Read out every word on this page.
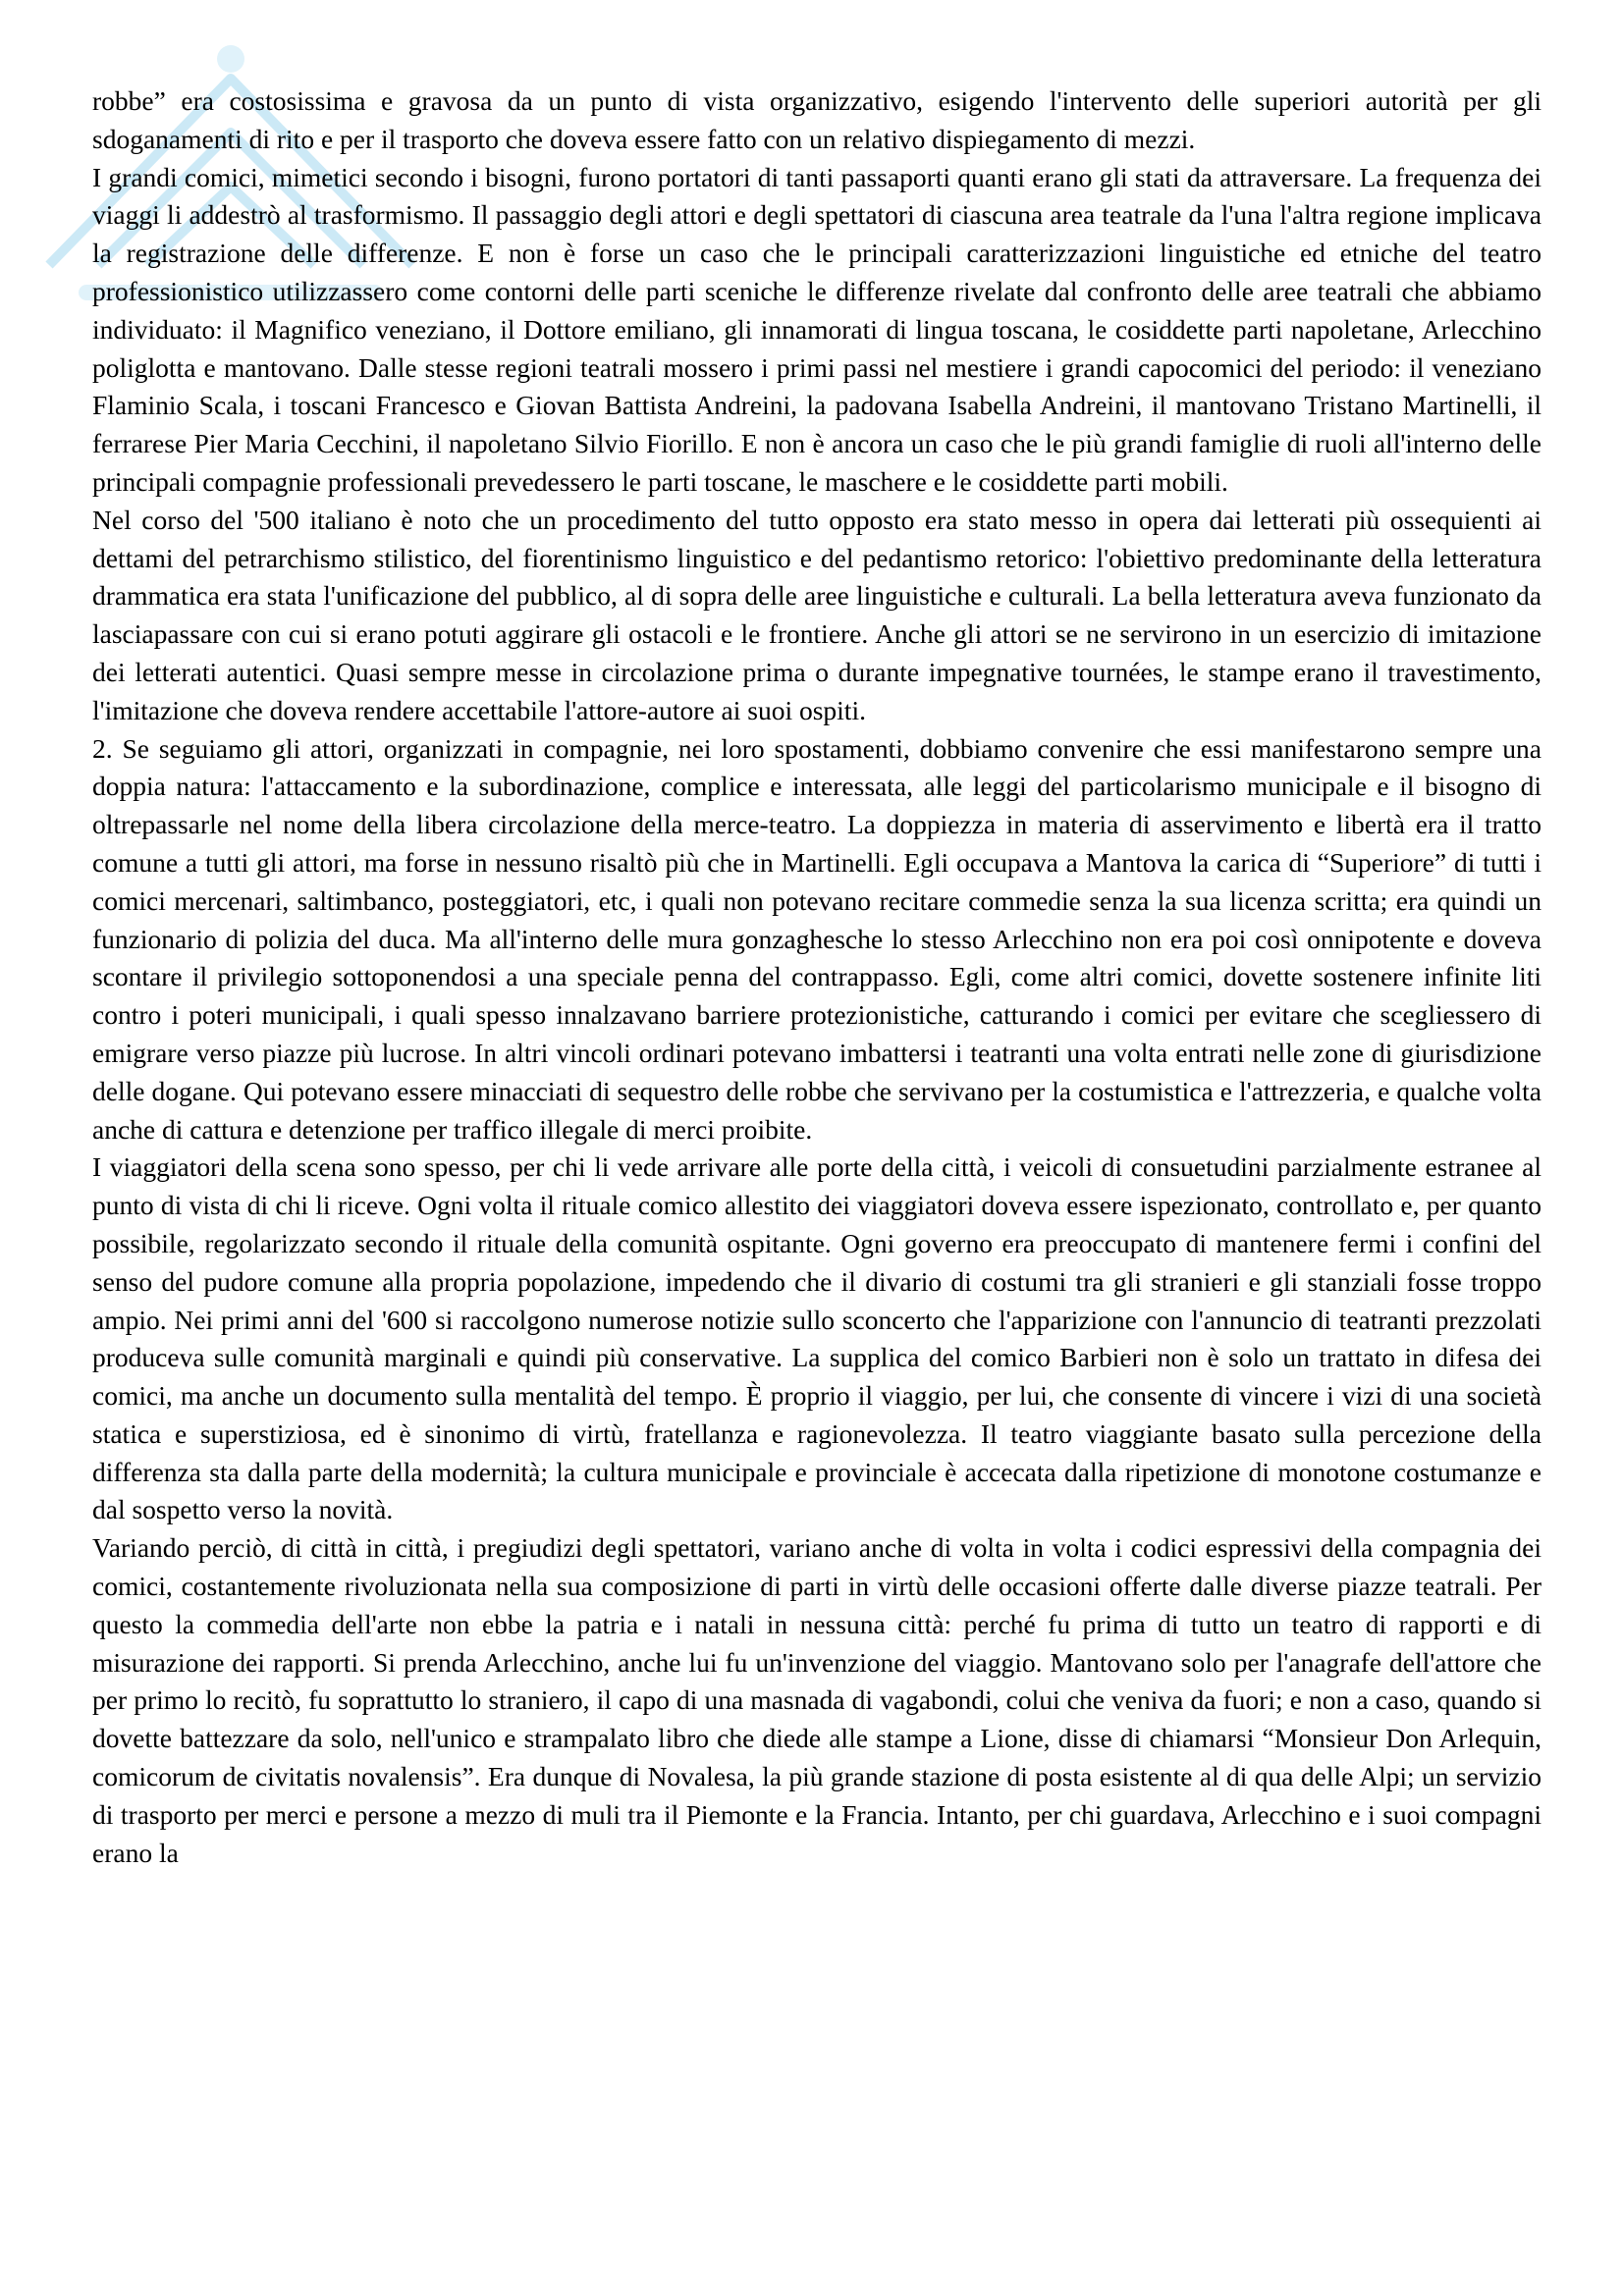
robbe” era costosissima e gravosa da un punto di vista organizzativo, esigendo l'intervento delle superiori autorità per gli sdoganamenti di rito e per il trasporto che doveva essere fatto con un relativo dispiegamento di mezzi.

I grandi comici, mimetici secondo i bisogni, furono portatori di tanti passaporti quanti erano gli stati da attraversare. La frequenza dei viaggi li addestrò al trasformismo. Il passaggio degli attori e degli spettatori di ciascuna area teatrale da l'una l'altra regione implicava la registrazione delle differenze. E non è forse un caso che le principali caratterizzazioni linguistiche ed etniche del teatro professionistico utilizzassero come contorni delle parti sceniche le differenze rivelate dal confronto delle aree teatrali che abbiamo individuato: il Magnifico veneziano, il Dottore emiliano, gli innamorati di lingua toscana, le cosiddette parti napoletane, Arlecchino poliglotta e mantovano. Dalle stesse regioni teatrali mossero i primi passi nel mestiere i grandi capocomici del periodo: il veneziano Flaminio Scala, i toscani Francesco e Giovan Battista Andreini, la padovana Isabella Andreini, il mantovano Tristano Martinelli, il ferrarese Pier Maria Cecchini, il napoletano Silvio Fiorillo. E non è ancora un caso che le più grandi famiglie di ruoli all'interno delle principali compagnie professionali prevedessero le parti toscane, le maschere e le cosiddette parti mobili.

Nel corso del '500 italiano è noto che un procedimento del tutto opposto era stato messo in opera dai letterati più ossequienti ai dettami del petrarchismo stilistico, del fiorentinismo linguistico e del pedantismo retorico: l'obiettivo predominante della letteratura drammatica era stata l'unificazione del pubblico, al di sopra delle aree linguistiche e culturali. La bella letteratura aveva funzionato da lasciapassare con cui si erano potuti aggirare gli ostacoli e le frontiere. Anche gli attori se ne servirono in un esercizio di imitazione dei letterati autentici. Quasi sempre messe in circolazione prima o durante impegnative tournées, le stampe erano il travestimento, l'imitazione che doveva rendere accettabile l'attore-autore ai suoi ospiti.

2. Se seguiamo gli attori, organizzati in compagnie, nei loro spostamenti, dobbiamo convenire che essi manifestarono sempre una doppia natura: l'attaccamento e la subordinazione, complice e interessata, alle leggi del particolarismo municipale e il bisogno di oltrepassarle nel nome della libera circolazione della merce-teatro. La doppiezza in materia di asservimento e libertà era il tratto comune a tutti gli attori, ma forse in nessuno risaltò più che in Martinelli. Egli occupava a Mantova la carica di “Superiore” di tutti i comici mercenari, saltimbanco, posteggiatori, etc, i quali non potevano recitare commedie senza la sua licenza scritta; era quindi un funzionario di polizia del duca. Ma all'interno delle mura gonzaghesche lo stesso Arlecchino non era poi così onnipotente e doveva scontare il privilegio sottoponendosi a una speciale penna del contrappasso. Egli, come altri comici, dovette sostenere infinite liti contro i poteri municipali, i quali spesso innalzavano barriere protezionistiche, catturando i comici per evitare che scegliessero di emigrare verso piazze più lucrose. In altri vincoli ordinari potevano imbattersi i teatranti una volta entrati nelle zone di giurisdizione delle dogane. Qui potevano essere minacciati di sequestro delle robbe che servivano per la costumistica e l'attrezzeria, e qualche volta anche di cattura e detenzione per traffico illegale di merci proibite.

I viaggiatori della scena sono spesso, per chi li vede arrivare alle porte della città, i veicoli di consuetudini parzialmente estranee al punto di vista di chi li riceve. Ogni volta il rituale comico allestito dei viaggiatori doveva essere ispezionato, controllato e, per quanto possibile, regolarizzato secondo il rituale della comunità ospitante. Ogni governo era preoccupato di mantenere fermi i confini del senso del pudore comune alla propria popolazione, impedendo che il divario di costumi tra gli stranieri e gli stanziali fosse troppo ampio. Nei primi anni del '600 si raccolgono numerose notizie sullo sconcerto che l'apparizione con l'annuncio di teatranti prezzolati produceva sulle comunità marginali e quindi più conservative. La supplica del comico Barbieri non è solo un trattato in difesa dei comici, ma anche un documento sulla mentalità del tempo. È proprio il viaggio, per lui, che consente di vincere i vizi di una società statica e superstiziosa, ed è sinonimo di virtù, fratellanza e ragionevolezza. Il teatro viaggiante basato sulla percezione della differenza sta dalla parte della modernità; la cultura municipale e provinciale è accecata dalla ripetizione di monotone costumanze e dal sospetto verso la novità.

Variando perciò, di città in città, i pregiudizi degli spettatori, variano anche di volta in volta i codici espressivi della compagnia dei comici, costantemente rivoluzionata nella sua composizione di parti in virtù delle occasioni offerte dalle diverse piazze teatrali. Per questo la commedia dell'arte non ebbe la patria e i natali in nessuna città: perché fu prima di tutto un teatro di rapporti e di misurazione dei rapporti. Si prenda Arlecchino, anche lui fu un'invenzione del viaggio. Mantovano solo per l'anagrafe dell'attore che per primo lo recitò, fu soprattutto lo straniero, il capo di una masnada di vagabondi, colui che veniva da fuori; e non a caso, quando si dovette battezzare da solo, nell'unico e strampalato libro che diede alle stampe a Lione, disse di chiamarsi “Monsieur Don Arlequin, comicorum de civitatis novalensis”. Era dunque di Novalesa, la più grande stazione di posta esistente al di qua delle Alpi; un servizio di trasporto per merci e persone a mezzo di muli tra il Piemonte e la Francia. Intanto, per chi guardava, Arlecchino e i suoi compagni erano la
